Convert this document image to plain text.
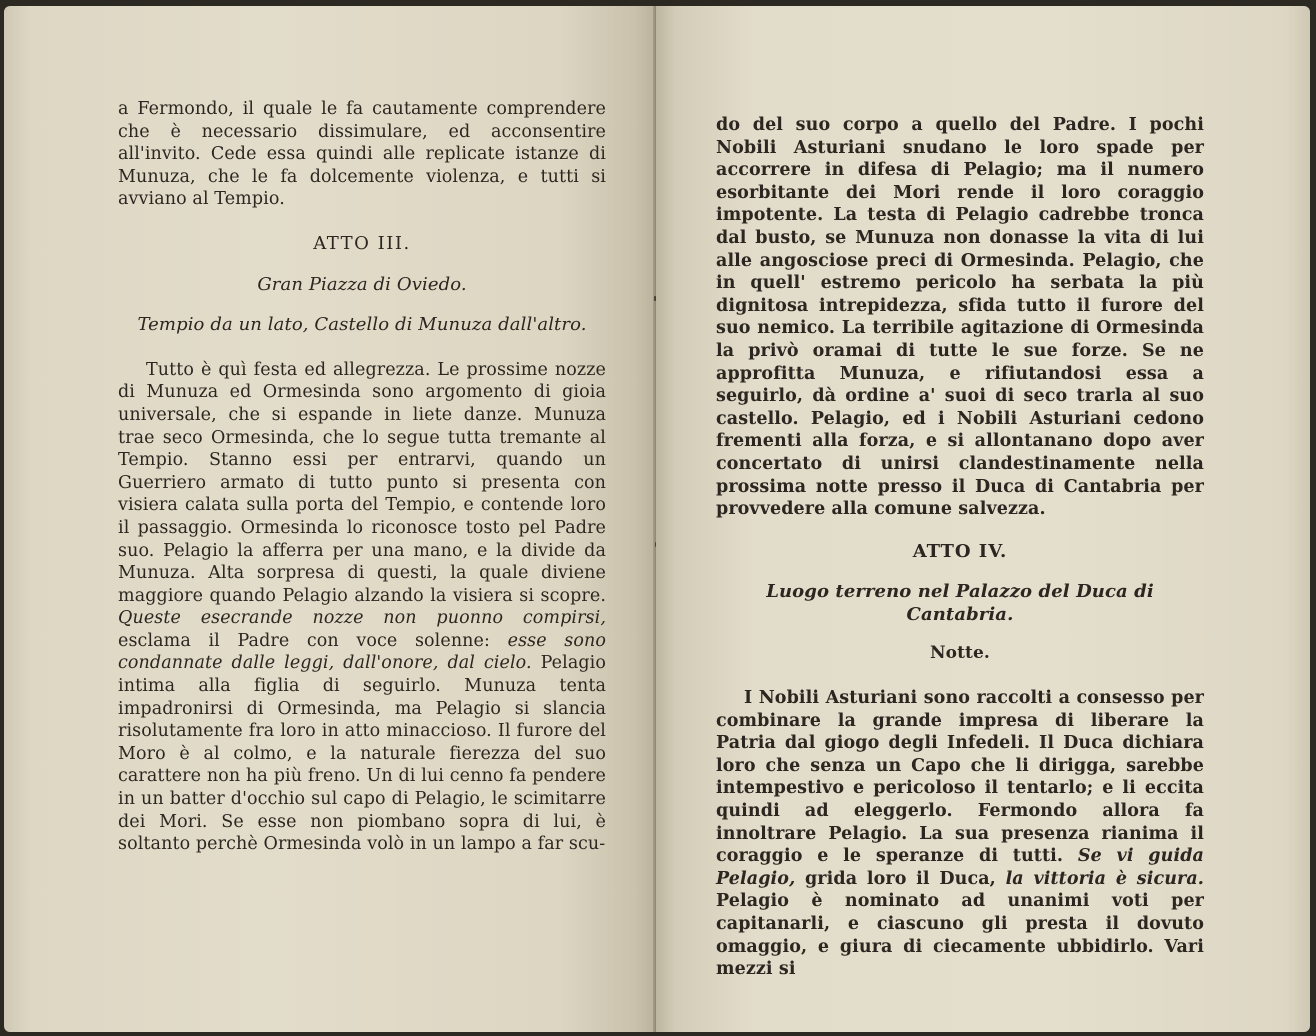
a Fermondo, il quale le fa cautamente comprendere che è necessario dissimulare, ed acconsentire all'invito. Cede essa quindi alle replicate istanze di Munuza, che le fa dolcemente violenza, e tutti si avviano al Tempio.

ATTO III.

Gran Piazza di Oviedo.

Tempio da un lato, Castello di Munuza dall'altro.

Tutto è quì festa ed allegrezza. Le prossime nozze di Munuza ed Ormesinda sono argomento di gioia universale, che si espande in liete danze. Munuza trae seco Ormesinda, che lo segue tutta tremante al Tempio. Stanno essi per entrarvi, quando un Guerriero armato di tutto punto si presenta con visiera calata sulla porta del Tempio, e contende loro il passaggio. Ormesinda lo riconosce tosto pel Padre suo. Pelagio la afferra per una mano, e la divide da Munuza. Alta sorpresa di questi, la quale diviene maggiore quando Pelagio alzando la visiera si scopre. Queste esecrande nozze non puonno compirsi, esclama il Padre con voce solenne: esse sono condannate dalle leggi, dall'onore, dal cielo. Pelagio intima alla figlia di seguirlo. Munuza tenta impadronirsi di Ormesinda, ma Pelagio si slancia risolutamente fra loro in atto minaccioso. Il furore del Moro è al colmo, e la naturale fierezza del suo carattere non ha più freno. Un di lui cenno fa pendere in un batter d'occhio sul capo di Pelagio, le scimitarre dei Mori. Se esse non piombano sopra di lui, è soltanto perchè Ormesinda volò in un lampo a far scu-

do del suo corpo a quello del Padre. I pochi Nobili Asturiani snudano le loro spade per accorrere in difesa di Pelagio; ma il numero esorbitante dei Mori rende il loro coraggio impotente. La testa di Pelagio cadrebbe tronca dal busto, se Munuza non donasse la vita di lui alle angosciose preci di Ormesinda. Pelagio, che in quell' estremo pericolo ha serbata la più dignitosa intrepidezza, sfida tutto il furore del suo nemico. La terribile agitazione di Ormesinda la privò oramai di tutte le sue forze. Se ne approfitta Munuza, e rifiutandosi essa a seguirlo, dà ordine a' suoi di seco trarla al suo castello. Pelagio, ed i Nobili Asturiani cedono frementi alla forza, e si allontanano dopo aver concertato di unirsi clandestinamente nella prossima notte presso il Duca di Cantabria per provvedere alla comune salvezza.

ATTO IV.

Luogo terreno nel Palazzo del Duca di Cantabria.

Notte.

I Nobili Asturiani sono raccolti a consesso per combinare la grande impresa di liberare la Patria dal giogo degli Infedeli. Il Duca dichiara loro che senza un Capo che li dirigga, sarebbe intempestivo e pericoloso il tentarlo; e li eccita quindi ad eleggerlo. Fermondo allora fa innoltrare Pelagio. La sua presenza rianima il coraggio e le speranze di tutti. Se vi guida Pelagio, grida loro il Duca, la vittoria è sicura. Pelagio è nominato ad unanimi voti per capitanarli, e ciascuno gli presta il dovuto omaggio, e giura di ciecamente ubbidirlo. Vari mezzi si
